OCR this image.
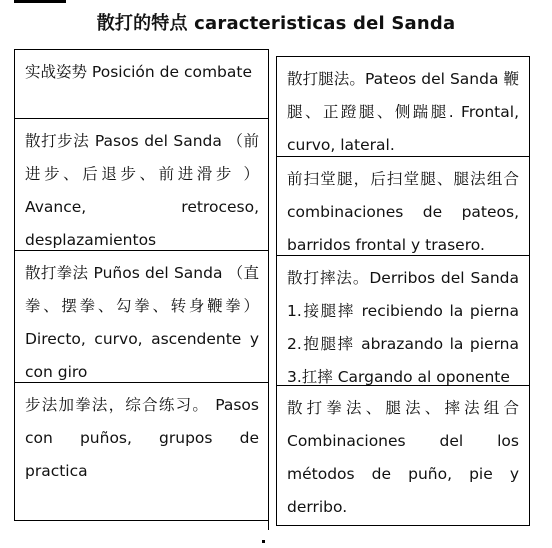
散打的特点 caracteristicas del Sanda
实战姿势 Posición de combate
散打步法 Pasos del Sanda （前进步、后退步、前进滑步 ） Avance, retroceso, desplazamientos
散打拳法 Puños del Sanda （直拳、摆拳、勾拳、转身鞭拳）Directo, curvo, ascendente y con giro
步法加拳法，综合练习。 Pasos con puños, grupos de practica
散打腿法。Pateos del Sanda 鞭腿、正蹬腿、侧踹腿. Frontal, curvo, lateral.
前扫堂腿，后扫堂腿、腿法组合 combinaciones de pateos, barridos frontal y trasero.
散打摔法。Derribos del Sanda 1.接腿摔 recibiendo la pierna 2.抱腿摔 abrazando la pierna 3.扛摔 Cargando al oponente
散打拳法、腿法、摔法组合 Combinaciones del los métodos de puño, pie y derribo.
